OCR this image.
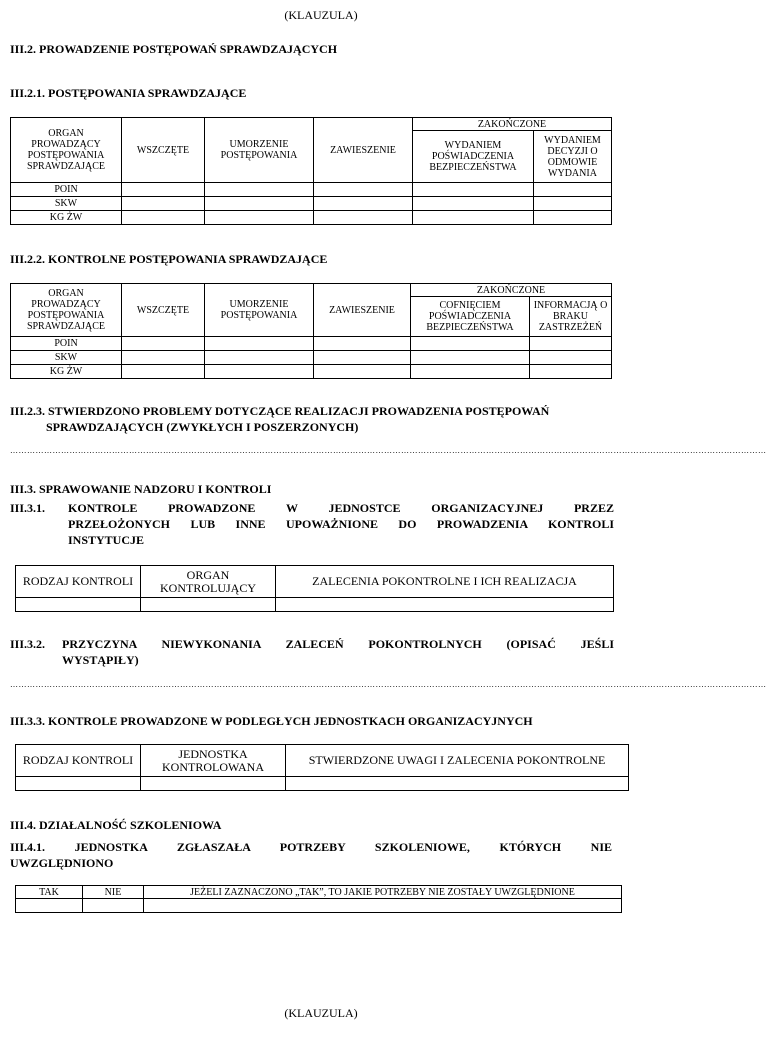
(KLAUZULA)
III.2. PROWADZENIE POSTĘPOWAŃ SPRAWDZAJĄCYCH
III.2.1. POSTĘPOWANIA SPRAWDZAJĄCE
ORGAN PROWADZĄCY POSTĘPOWANIA SPRAWDZAJĄCE	WSZCZĘTE	UMORZENIE POSTĘPOWANIA	ZAWIESZENIE	ZAKOŃCZONE	
				WYDANIEM POŚWIADCZENIA BEZPIECZEŃSTWA	WYDANIEM DECYZJI O ODMOWIE WYDANIA
POIN					
SKW					
KG ŻW					
III.2.2. KONTROLNE POSTĘPOWANIA SPRAWDZAJĄCE
ORGAN PROWADZĄCY POSTĘPOWANIA SPRAWDZAJĄCE	WSZCZĘTE	UMORZENIE POSTĘPOWANIA	ZAWIESZENIE	ZAKOŃCZONE	
				COFNIĘCIEM POŚWIADCZENIA BEZPIECZEŃSTWA	INFORMACJĄ O BRAKU ZASTRZEŻEŃ
POIN					
SKW					
KG ŻW					
III.2.3. STWIERDZONO PROBLEMY DOTYCZĄCE REALIZACJI PROWADZENIA POSTĘPOWAŃ
SPRAWDZAJĄCYCH (ZWYKŁYCH I POSZERZONYCH)
……………………………………………………………………………………………………………………………………………………………………………………………………………………………………………
III.3. SPRAWOWANIE NADZORU I KONTROLI
III.3.1.	KONTROLE PROWADZONE W JEDNOSTCE ORGANIZACYJNEJ PRZEZ
PRZEŁOŻONYCH LUB INNE UPOWAŻNIONE DO PROWADZENIA KONTROLI
INSTYTUCJE
RODZAJ KONTROLI	ORGAN KONTROLUJĄCY	ZALECENIA POKONTROLNE I ICH REALIZACJA

III.3.2.	PRZYCZYNA NIEWYKONANIA ZALECEŃ POKONTROLNYCH (OPISAĆ JEŚLI
WYSTĄPIŁY)
……………………………………………………………………………………………………………………………………………………………………………………………………………………………………………
III.3.3. KONTROLE PROWADZONE W PODLEGŁYCH JEDNOSTKACH ORGANIZACYJNYCH
RODZAJ KONTROLI	JEDNOSTKA KONTROLOWANA	STWIERDZONE UWAGI I ZALECENIA POKONTROLNE

III.4. DZIAŁALNOŚĆ SZKOLENIOWA
III.4.1. JEDNOSTKA ZGŁASZAŁA POTRZEBY SZKOLENIOWE, KTÓRYCH NIE
UWZGLĘDNIONO
TAK	NIE	JEŻELI ZAZNACZONO „TAK”, TO JAKIE POTRZEBY NIE ZOSTAŁY UWZGLĘDNIONE

(KLAUZULA)
